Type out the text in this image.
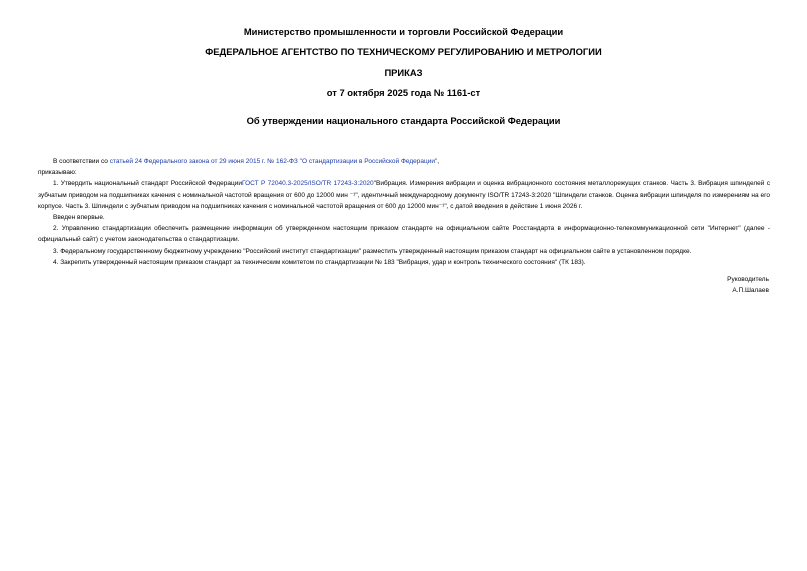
Министерство промышленности и торговли Российской Федерации
ФЕДЕРАЛЬНОЕ АГЕНТСТВО ПО ТЕХНИЧЕСКОМУ РЕГУЛИРОВАНИЮ И МЕТРОЛОГИИ
ПРИКАЗ
от 7 октября 2025 года № 1161-ст
Об утверждении национального стандарта Российской Федерации

В соответствии со статьей 24 Федерального закона от 29 июня 2015 г. № 162-ФЗ "О стандартизации в Российской Федерации",

приказываю:

1. Утвердить национальный стандарт Российской ФедерацииГОСТ Р 72040.3-2025/ISO/TR 17243-3:2020"Вибрация. Измерения вибрации и оценка вибрационного состояния металлорежущих станков. Часть 3. Вибрация шпинделей с зубчатым приводом на подшипниках качения с номинальной частотой вращения от 600 до 12000 мин ⁻¹", идентичный международному документу ISO/TR 17243-3:2020 "Шпиндели станков. Оценка вибрации шпинделя по измерениям на его корпусе. Часть 3. Шпиндели с зубчатым приводом на подшипниках качения с номинальной частотой вращения от 600 до 12000 мин⁻¹", с датой введения в действие 1 июня 2026 г.

Введен впервые.

2. Управлению стандартизации обеспечить размещение информации об утвержденном настоящим приказом стандарте на официальном сайте Росстандарта в информационно-телекоммуникационной сети "Интернет" (далее - официальный сайт) с учетом законодательства о стандартизации.

3. Федеральному государственному бюджетному учреждению "Российский институт стандартизации" разместить утвержденный настоящим приказом стандарт на официальном сайте в установленном порядке.

4. Закрепить утвержденный настоящим приказом стандарт за техническим комитетом по стандартизации № 183 "Вибрация, удар и контроль технического состояния" (ТК 183).

Руководитель
А.П.Шалаев
